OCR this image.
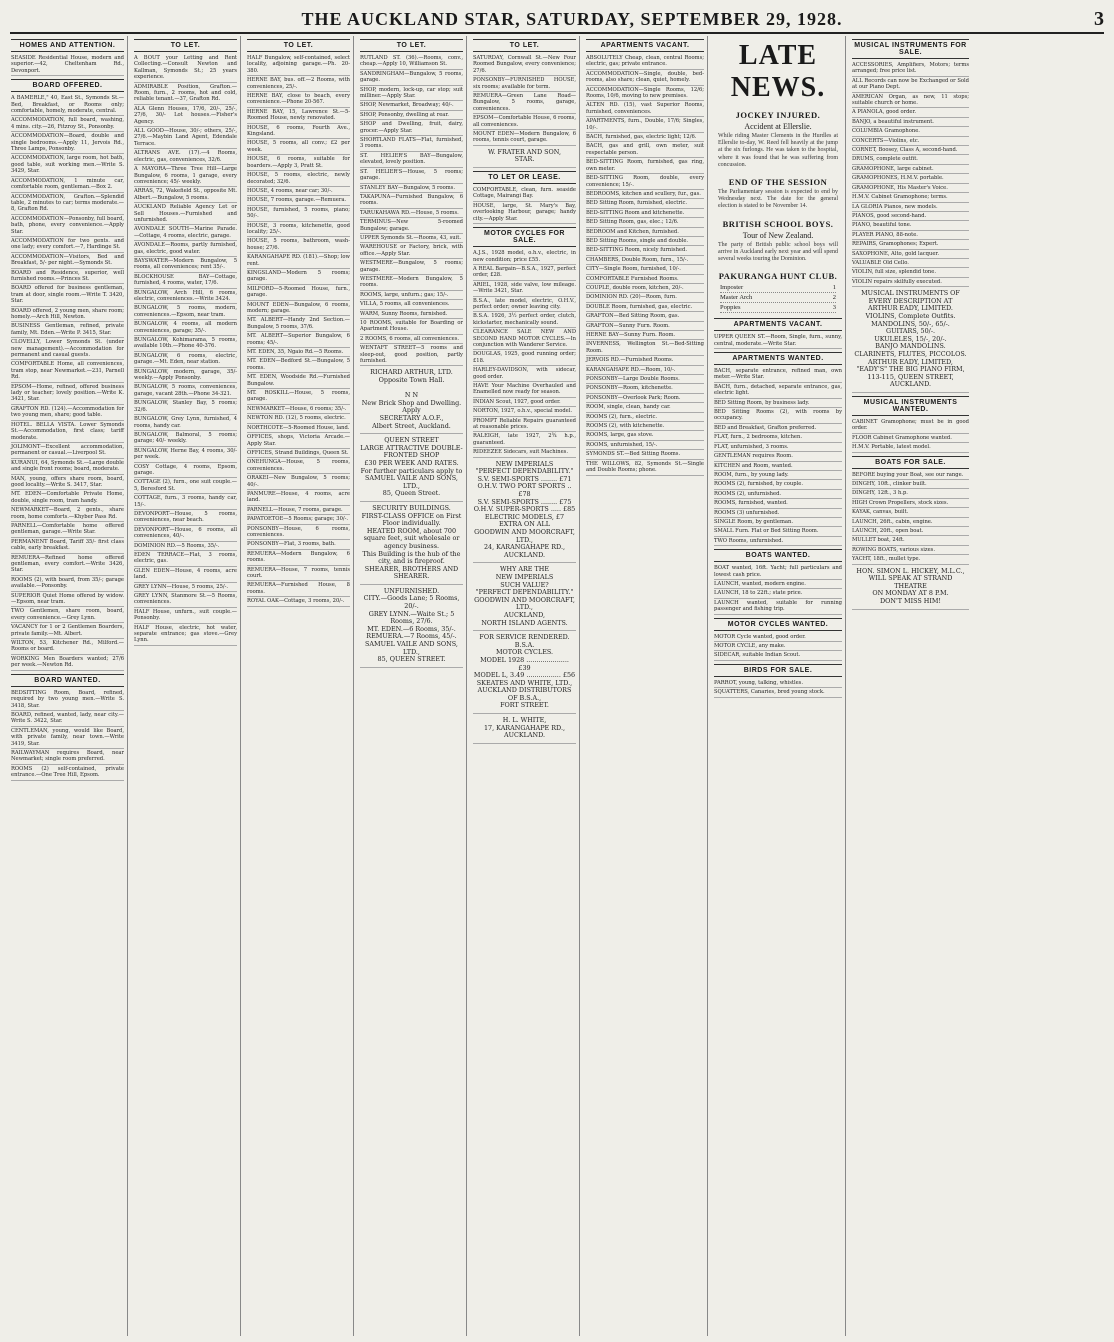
THE AUCKLAND STAR, SATURDAY, SEPTEMBER 29, 1928.	3
HOMES AND ATTENTION.
SEASIDE Residential House, modern and superior.—42, Cheltenham Rd., Devonport.
BOARD OFFERED.
A BAMERLE," 40, East St., Symonds St.—Bed, Breakfast, or Rooms only; comfortable, homely, moderate, central.
ACCOMMODATION, full board, washing, 4 mins. city.—26, Fitzroy St., Ponsonby.
ACCOMMODATION—Board, double and single bedrooms.—Apply 11, Jervois Rd., Three Lamps, Ponsonby.
ACCOMMODATION, large room, hot bath, good table, suit working men.—Write S. 3429, Star.
ACCOMMODATION, 1 minute car, comfortable room, gentleman.—Box 2.
ACCOMMODATION, Grafton.—Splendid table, 2 minutes to car; terms moderate.—8, Grafton Rd.
ACCOMMODATION—Ponsonby, full board, bath, phone, every convenience.—Apply Star.
ACCOMMODATION for two gents. and one lady; every comfort.—7, Hardinge St.
ACCOMMODATION—Visitors, Bed and Breakfast, 5/- per night.—Symonds St.
BOARD and Residence, superior, well furnished rooms.—Princes St.
BOARD offered for business gentleman, tram at door, single room.—Write T. 3420, Star.
BOARD offered, 2 young men, share room; homely.—Arch Hill, Newton.
BUSINESS Gentleman, refined, private family, Mt. Eden.—Write P. 3415, Star.
CLOVELLY, Lower Symonds St. (under new management).—Accommodation for permanent and casual guests.
COMFORTABLE Home, all conveniences, tram stop, near Newmarket.—231, Parnell Rd.
EPSOM—Home, refined, offered business lady or teacher; lovely position.—Write K. 3421, Star.
GRAFTON RD. (124).—Accommodation for two young men, share; good table.
HOTEL. BELLA VISTA. Lower Symonds St.—Accommodation, first class; tariff moderate.
JOLIMONT—Excellent accommodation, permanent or casual.—Liverpool St.
KURANUI, 64, Symonds St.—Large double and single front rooms; board, moderate.
MAN, young, offers share room, board, good locality.—Write S. 3417, Star.
MT. EDEN—Comfortable Private Home, double, single room, tram handy.
NEWMARKET—Board, 2 gents., share room, home comforts.—Khyber Pass Rd.
PARNELL—Comfortable home offered gentleman, garage.—Write Star.
PERMANENT Board, Tariff 35/- first class cable, early breakfast.
REMUERA—Refined home offered gentleman, every comfort.—Write 3426, Star.
ROOMS (2), with board, from 35/-; garage available.—Ponsonby.
SUPERIOR Quiet Home offered by widow.—Epsom, near tram.
TWO Gentlemen, share room, board, every convenience.—Grey Lynn.
VACANCY for 1 or 2 Gentlemen Boarders, private family.—Mt. Albert.
WILTON, 53, Kitchener Rd., Milford.—Rooms or board.
WORKING Men Boarders wanted; 27/6 per week.—Newton Rd.
BOARD WANTED.
BEDSITTING Room, Board, refined, required by two young men.—Write S. 3418, Star.
BOARD, refined, wanted, lady, near city.—Write S. 3422, Star.
CENTLEMAN, young, would like Board, with private family, near town.—Write 3419, Star.
RAILWAYMAN requires Board, near Newmarket; single room preferred.
ROOMS (2) self-contained, private entrance.—One Tree Hill, Epsom.
TO LET.
A BOUT your Letting and Rent Collecting.—Consult Newton and Kallman, Symonds St.; 25 years experience.
ADMIRABLE Position, Grafton.—Room, furn., 2 rooms, hot and cold, reliable tenant.—37, Grafton Rd.
ALA Glenn Houses, 17/6, 20/-, 25/-, 27/6, 30/- Lot houses.—Fisher's Agency.
ALL GOOD—House, 30/-; others, 25/-, 27/6.—Maybin Land Agent, Edendale Terrace.
ALTRANS AVE. (17).—4 Rooms, electric, gas, conveniences, 32/6.
A MAYORA—Three Tree Hill—Large Bungalow, 6 rooms, 1 garage, every convenience; 45/- weekly.
ARRAS, 72, Wakefield St., opposite Mt. Albert.—Bungalow, 5 rooms.
AUCKLAND Reliable Agency Let or Sell Houses.—Furnished and unfurnished.
AVONDALE SOUTH—Marine Parade.—Cottage, 4 rooms, electric, garage.
AVONDALE—Rooms, partly furnished, gas, electric, good water.
BAYSWATER—Modern Bungalow, 5 rooms, all conveniences; rent 35/-.
BLOCKHOUSE BAY—Cottage, furnished, 4 rooms, water, 17/6.
BUNGALOW, Arch Hill, 6 rooms, electric, conveniences.—Write 3424.
BUNGALOW, 5 rooms, modern, conveniences.—Epsom, near tram.
BUNGALOW, 4 rooms, all modern conveniences, garage; 35/-.
BUNGALOW, Kohimarama, 5 rooms, available 10th.—Phone 40-376.
BUNGALOW, 6 rooms, electric, garage.—Mt. Eden, near station.
BUNGALOW, modern, garage, 35/- weekly.—Apply Ponsonby.
BUNGALOW, 5 rooms, conveniences, garage, vacant 28th.—Phone 34-321.
BUNGALOW, Stanley Bay, 5 rooms; 32/6.
BUNGALOW, Grey Lynn, furnished, 4 rooms, handy car.
BUNGALOW, Balmoral, 5 rooms; garage; 40/- weekly.
BUNGALOW, Herne Bay, 4 rooms, 30/- per week.
COSY Cottage, 4 rooms, Epsom, garage.
COTTAGE (2), furn., one suit couple.—5, Beresford St.
COTTAGE, furn., 3 rooms, handy car, 15/-.
DEVONPORT—House, 5 rooms, conveniences, near beach.
DEVONPORT—House, 6 rooms, all conveniences, 40/-.
DOMINION RD.—5 Rooms, 35/-.
EDEN TERRACE—Flat, 3 rooms, electric, gas.
GLEN EDEN—House, 4 rooms, acre land.
GREY LYNN—House, 5 rooms, 25/-.
GREY LYNN, Stanmore St.—5 Rooms, conveniences.
HALF House, unfurn., suit couple.—Ponsonby.
HALF House, electric, hot water, separate entrance; gas stove.—Grey Lynn.
TO LET.
HALF Bungalow, self-contained, select locality, adjoining garage.—Ph. 20-380.
HERNE BAY, bus. off.—2 Rooms, with conveniences, 25/-.
HERNE BAY, close to beach, every convenience.—Phone 20-567.
HERNE BAY, 15, Lawrence St.—5-Roomed House, newly renovated.
HOUSE, 6 rooms, Fourth Ave., Kingsland.
HOUSE, 5 rooms, all conv.; £2 per week.
HOUSE, 6 rooms, suitable for boarders.—Apply 3, Pratt St.
HOUSE, 5 rooms, electric, newly decorated; 32/6.
HOUSE, 4 rooms, near car; 30/-.
HOUSE, 7 rooms, garage.—Remuera.
HOUSE, furnished, 5 rooms, piano; 50/-.
HOUSE, 3 rooms, kitchenette, good locality; 25/-.
HOUSE, 5 rooms, bathroom, wash-house; 27/6.
KARANGAHAPE RD. (181).—Shop; low rent.
KINGSLAND—Modern 5 rooms; garage.
MILFORD—5-Roomed House, furn., garage.
MOUNT EDEN—Bungalow, 6 rooms, modern; garage.
MT. ALBERT—Handy 2nd Section.—Bungalow, 5 rooms, 37/6.
MT. ALBERT—Superior Bungalow, 6 rooms; 45/-.
MT. EDEN, 35, Ngaio Rd.—5 Rooms.
MT. EDEN—Bedford St.—Bungalow, 5 rooms.
MT. EDEN, Woodside Rd.—Furnished Bungalow.
MT. ROSKILL—House, 5 rooms, garage.
NEWMARKET—House, 6 rooms; 35/-.
NEWTON RD. (12), 5 rooms, electric.
NORTHCOTE—5-Roomed House, land.
OFFICES, shops, Victoria Arcade.—Apply Star.
OFFICES, Strand Buildings, Queen St.
ONEHUNGA—House, 5 rooms, conveniences.
ORAKEI—New Bungalow, 5 rooms; 40/-.
PANMURE—House, 4 rooms, acre land.
PARNELL—House, 7 rooms, garage.
PAPATOETOE—5 Rooms; garage; 30/-.
PONSONBY—House, 6 rooms, conveniences.
PONSONBY—Flat, 3 rooms, bath.
REMUERA—Modern Bungalow, 6 rooms.
REMUERA—House, 7 rooms, tennis court.
REMUERA—Furnished House, 8 rooms.
ROYAL OAK—Cottage, 3 rooms, 20/-.
TO LET.
RUTLAND ST. (36).—Rooms, conv., cheap.—Apply 10, Williamson St.
SANDRINGHAM—Bungalow, 5 rooms, garage.
SHOP, modern, lock-up, car stop; suit milliner.—Apply Star.
SHOP, Newmarket, Broadway; 40/-.
SHOP, Ponsonby, dwelling at rear.
SHOP and Dwelling, fruit, dairy, grocer.—Apply Star.
SHORTLAND FLATS—Flat, furnished, 3 rooms.
ST. HELIER'S BAY—Bungalow, elevated, lovely position.
ST. HELIER'S—House, 5 rooms; garage.
STANLEY BAY—Bungalow, 5 rooms.
TAKAPUNA—Furnished Bungalow, 6 rooms.
TARUKAHAWA RD.—House, 5 rooms.
TERMINUS—New 5-roomed Bungalow; garage.
UPPER Symonds St.—Rooms, 43, suit.
WAREHOUSE or Factory, brick, with office.—Apply Star.
WESTMERE—Bungalow, 5 rooms; garage.
WESTMERE—Modern Bungalow, 5 rooms.
ROOMS, large, unfurn.; gas; 15/-.
VILLA, 5 rooms, all conveniences.
WARM, Sunny Rooms, furnished.
10 ROOMS, suitable for Boarding or Apartment House.
2 ROOMS, 6 rooms, all conveniences.
WENTAFT STREET—5 rooms and sleep-out, good position, partly furnished.
RICHARD ARTHUR, LTD.
Opposite Town Hall.

N N
New Brick Shop and Dwelling.
Apply
SECRETARY A.O.F.,
Albert Street, Auckland.
QUEEN STREET
LARGE ATTRACTIVE DOUBLE-FRONTED SHOP
£30 PER WEEK AND RATES.
For further particulars apply to
SAMUEL VAILE AND SONS, LTD.,
85, Queen Street.
SECURITY BUILDINGS.
FIRST-CLASS OFFICE on First Floor individually.
HEATED ROOM, about 700 square feet, suit wholesale or agency business.
This Building is the hub of the city, and is fireproof.
SHEARER, BROTHERS AND SHEARER.
UNFURNISHED.
CITY.—Goods Lane; 5 Rooms, 20/-.
GREY LYNN.—Waite St.; 5 Rooms, 27/6.
MT. EDEN.—6 Rooms, 35/-.
REMUERA.—7 Rooms, 45/-.
SAMUEL VAILE AND SONS, LTD.,
85, QUEEN STREET.
TO LET.
SATURDAY, Cornwall St.—New Four Roomed Bungalow, every convenience; 27/6.
PONSONBY—FURNISHED HOUSE, six rooms; available for term.
REMUERA—Green Lane Road—Bungalow, 5 rooms, garage, conveniences.
EPSOM—Comfortable House, 6 rooms, all conveniences.
MOUNT EDEN—Modern Bungalow, 6 rooms, tennis court, garage.
W. FRATER AND SON,
STAR.
TO LET OR LEASE.
COMFORTABLE, clean, furn. seaside Cottage, Mairangi Bay.
HOUSE, large, St. Mary's Bay, overlooking Harbour, garage; handy city.—Apply Star.
MOTOR CYCLES FOR SALE.
A.J.S., 1928 model, o.h.v., electric, in new condition; price £55.
A REAL Bargain—B.S.A., 1927, perfect order, £28.
ARIEL, 1928, side valve, low mileage.—Write 3421, Star.
B.S.A., late model, electric, O.H.V., perfect order; owner leaving city.
B.S.A. 1926, 3½ perfect order, clutch, kickstarter, mechanically sound.
CLEARANCE SALE NEW AND SECOND HAND MOTOR CYCLES.—In conjunction with Wanderer Service.
DOUGLAS, 1925, good running order; £18.
HARLEY-DAVIDSON, with sidecar, good order.
HAVE Your Machine Overhauled and Enamelled now ready for season.
INDIAN Scout, 1927, good order.
NORTON, 1927, o.h.v., special model.
PROMPT Reliable Repairs guaranteed at reasonable prices.
RALEIGH, late 1927, 2¾ h.p., guaranteed.
RIDEEZEE Sidecars, suit Machines.
NEW IMPERIALS
"PERFECT DEPENDABILITY."
S.V. SEMI-SPORTS ........ £71
O.H.V. TWO PORT SPORTS .. £78
S.V. SEMI-SPORTS ........ £75
O.H.V. SUPER-SPORTS ..... £85
ELECTRIC MODELS, £7 EXTRA ON ALL
GOODWIN AND MOORCRAFT, LTD.,
24, KARANGAHAPE RD., AUCKLAND.
WHY ARE THE
NEW IMPERIALS
SUCH VALUE?
"PERFECT DEPENDABILITY."
GOODWIN AND MOORCRAFT, LTD.,
AUCKLAND,
NORTH ISLAND AGENTS.
FOR SERVICE RENDERED.
B.S.A.
MOTOR CYCLES.
MODEL 1928 ..................... £39
MODEL L, 3.49 ................. £56
SKEATES AND WHITE, LTD.,
AUCKLAND DISTRIBUTORS OF B.S.A.,
FORT STREET.
H. L. WHITE,
17, KARANGAHAPE RD., AUCKLAND.
APARTMENTS VACANT.
ABSOLUTELY Cheap, clean, central Rooms; electric, gas; private entrance.
ACCOMMODATION—Single, double, bed-rooms, also share; clean, quiet, homely.
ACCOMMODATION—Single Rooms, 12/6; Rooms, 10/6, moving to new premises.
ALTEN RD. (15), vast Superior Rooms, furnished, conveniences.
APARTMENTS, furn., Double, 17/6; Singles, 10/-.
BACH, furnished, gas, electric light; 12/6.
BACH, gas and grill, own meter, suit respectable person.
BED-SITTING Room, furnished, gas ring, own meter.
BED-SITTING Room, double, every convenience; 15/-.
BEDROOMS, kitchen and scullery, fur., gas.
BED Sitting Room, furnished, electric.
BED-SITTING Room and kitchenette.
BED Sitting Room, gas, elec.; 12/6.
BEDROOM and Kitchen, furnished.
BED Sitting Rooms, single and double.
BED-SITTING Room, nicely furnished.
CHAMBERS, Double Room, furn., 15/-.
CITY—Single Room, furnished, 10/-.
COMFORTABLE Furnished Rooms.
COUPLE, double room, kitchen, 20/-.
DOMINION RD. (20)—Room, furn.
DOUBLE Room, furnished, gas, electric.
GRAFTON—Bed Sitting Room, gas.
GRAFTON—Sunny Furn. Room.
HERNE BAY—Sunny Furn. Room.
INVERNESS, Wellington St.—Bed-Sitting Room.
JERVOIS RD.—Furnished Rooms.
KARANGAHAPE RD.—Room, 10/-.
PONSONBY—Large Double Rooms.
PONSONBY—Room, kitchenette.
PONSONBY—Overlook Park; Room.
ROOM, single, clean, handy car.
ROOMS (2), furn., electric.
ROOMS (2), with kitchenette.
ROOMS, large, gas stove.
ROOMS, unfurnished, 15/-.
SYMONDS ST.—Bed Sitting Rooms.
THE WILLOWS, 82, Symonds St.—Single and Double Rooms; phone.
LATE NEWS.
JOCKEY INJURED.
Accident at Ellerslie.
While riding Master Clements in the Hurdles at Ellerslie to-day, W. Reed fell heavily at the jump at the six furlongs. He was taken to the hospital, where it was found that he was suffering from concussion.
END OF THE SESSION
The Parliamentary session is expected to end by Wednesday next. The date for the general election is stated to be November 14.
BRITISH SCHOOL BOYS.
Tour of New Zealand.
The party of British public school boys will arrive in Auckland early next year and will spend several weeks touring the Dominion.
PAKURANGA HUNT CLUB.
Imposter	1
Master Arch	2
Poppies	3
APARTMENTS VACANT.
UPPER QUEEN ST.—Room, Single, furn., sunny, central, moderate.—Write Star.
APARTMENTS WANTED.
BACH, separate entrance, refined man, own meter.—Write Star.
BACH, furn., detached, separate entrance, gas, electric light.
BED Sitting Room, by business lady.
BED Sitting Rooms (2), with rooms by occupancy.
BED and Breakfast, Grafton preferred.
FLAT, furn., 2 bedrooms, kitchen.
FLAT, unfurnished, 3 rooms.
GENTLEMAN requires Room.
KITCHEN and Room, wanted.
ROOM, furn., by young lady.
ROOMS (2), furnished, by couple.
ROOMS (2), unfurnished.
ROOMS, furnished, wanted.
ROOMS (3) unfurnished.
SINGLE Room, by gentleman.
SMALL Furn. Flat or Bed Sitting Room.
TWO Rooms, unfurnished.
BOATS WANTED.
BOAT wanted, 16ft. Yacht; full particulars and lowest cash price.
LAUNCH, wanted, modern engine.
LAUNCH, 18 to 22ft.; state price.
LAUNCH wanted, suitable for running passenger and fishing trip.
MOTOR CYCLES WANTED.
MOTOR Cycle wanted, good order.
MOTOR CYCLE, any make.
SIDECAR, suitable Indian Scout.
BIRDS FOR SALE.
PARROT, young, talking, whistles.
SQUATTERS, Canaries, bred young stock.
MUSICAL INSTRUMENTS FOR SALE.
ACCESSORIES, Amplifiers, Motors; terms arranged; free price list.
ALL Records can now be Exchanged or Sold at our Piano Dept.
AMERICAN Organ, as new, 11 stops; suitable church or home.
A PIANOLA, good order.
BANJO, a beautiful instrument.
COLUMBIA Gramophone.
CONCERTS—Violins, etc.
CORNET, Boosey, Class A, second-hand.
DRUMS, complete outfit.
GRAMOPHONE, large cabinet.
GRAMOPHONES, H.M.V. portable.
GRAMOPHONE, His Master's Voice.
H.M.V. Cabinet Gramophone; terms.
LA GLORIA Pianos, new models.
PIANOS, good second-hand.
PIANO, beautiful tone.
PLAYER PIANO, 88-note.
REPAIRS, Gramophones; Expert.
SAXOPHONE, Alto, gold lacquer.
VALUABLE Old Cello.
VIOLIN, full size, splendid tone.
VIOLIN repairs skilfully executed.
MUSICAL INSTRUMENTS OF EVERY DESCRIPTION AT
ARTHUR EADY, LIMITED.
VIOLINS, Complete Outfits.
MANDOLINS, 50/-, 65/-.
GUITARS, 50/-.
UKULELES, 15/-, 20/-.
BANJO MANDOLINS.
CLARINETS, FLUTES, PICCOLOS.
ARTHUR EADY, LIMITED,
"EADY'S" THE BIG PIANO FIRM,
113-115, QUEEN STREET, AUCKLAND.
MUSICAL INSTRUMENTS WANTED.
CABINET Gramophone; must be in good order.
FLOOR Cabinet Gramophone wanted.
H.M.V. Portable, latest model.
BOATS FOR SALE.
BEFORE buying your Boat, see our range.
DINGHY, 10ft., clinker built.
DINGHY, 12ft., 3 h.p.
HIGH Crown Propellers, stock sizes.
KAYAK, canvas, built.
LAUNCH, 26ft., cabin, engine.
LAUNCH, 20ft., open boat.
MULLET boat, 24ft.
ROWING BOATS, various sizes.
YACHT, 18ft., mullet type.
HON. SIMON L. HICKEY, M.L.C.,
WILL SPEAK AT STRAND THEATRE
ON MONDAY AT 8 P.M.
DON'T MISS HIM!
